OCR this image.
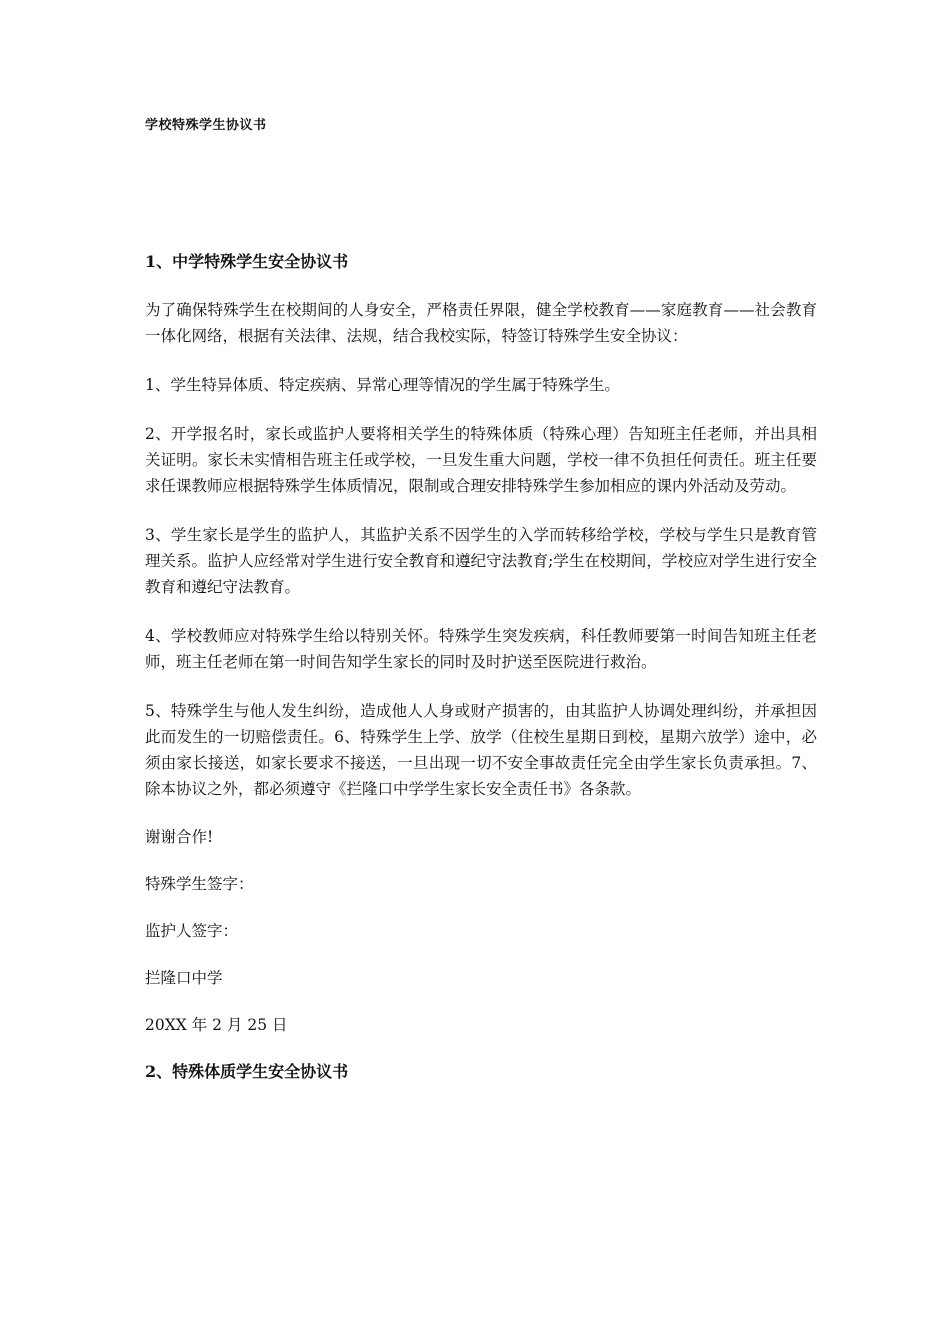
学校特殊学生协议书
1、中学特殊学生安全协议书

为了确保特殊学生在校期间的人身安全，严格责任界限，健全学校教育——家庭教育——社会教育一体化网络，根据有关法律、法规，结合我校实际，特签订特殊学生安全协议：

1、学生特异体质、特定疾病、异常心理等情况的学生属于特殊学生。

2、开学报名时，家长或监护人要将相关学生的特殊体质（特殊心理）告知班主任老师，并出具相关证明。家长未实情相告班主任或学校，一旦发生重大问题，学校一律不负担任何责任。班主任要求任课教师应根据特殊学生体质情况，限制或合理安排特殊学生参加相应的课内外活动及劳动。

3、学生家长是学生的监护人，其监护关系不因学生的入学而转移给学校，学校与学生只是教育管理关系。监护人应经常对学生进行安全教育和遵纪守法教育;学生在校期间，学校应对学生进行安全教育和遵纪守法教育。

4、学校教师应对特殊学生给以特别关怀。特殊学生突发疾病，科任教师要第一时间告知班主任老师，班主任老师在第一时间告知学生家长的同时及时护送至医院进行救治。

5、特殊学生与他人发生纠纷，造成他人人身或财产损害的，由其监护人协调处理纠纷，并承担因此而发生的一切赔偿责任。6、特殊学生上学、放学（住校生星期日到校，星期六放学）途中，必须由家长接送，如家长要求不接送，一旦出现一切不安全事故责任完全由学生家长负责承担。7、除本协议之外，都必须遵守《拦隆口中学学生家长安全责任书》各条款。

谢谢合作!

特殊学生签字：

监护人签字：

拦隆口中学

20XX 年 2 月 25 日

2、特殊体质学生安全协议书
